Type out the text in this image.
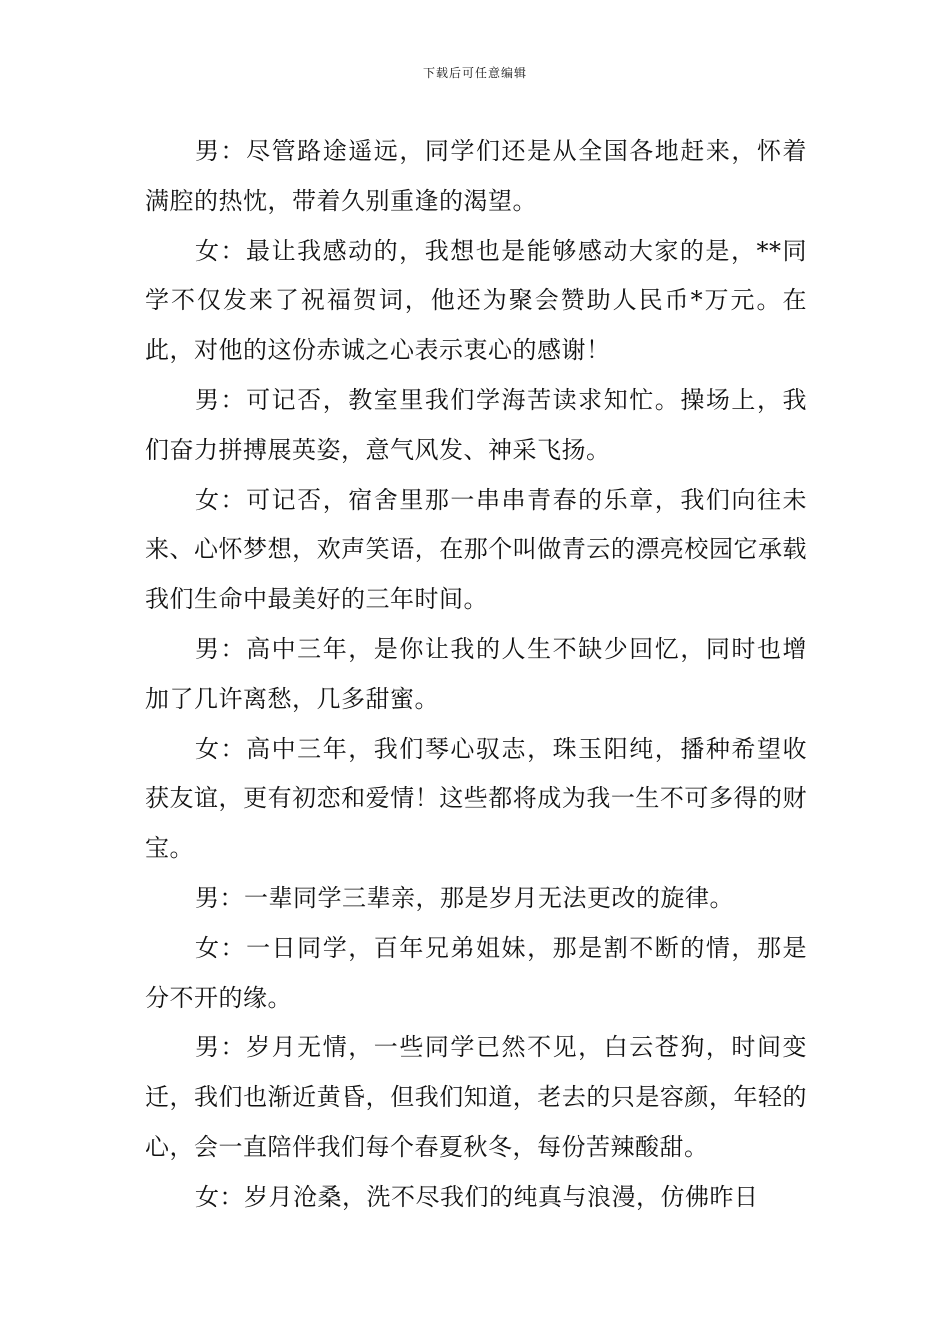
下载后可任意编辑

男：尽管路途遥远，同学们还是从全国各地赶来，怀着满腔的热忱，带着久别重逢的渴望。

女：最让我感动的，我想也是能够感动大家的是，**同学不仅发来了祝福贺词，他还为聚会赞助人民币*万元。在此，对他的这份赤诚之心表示衷心的感谢！

男：可记否，教室里我们学海苦读求知忙。操场上，我们奋力拼搏展英姿，意气风发、神采飞扬。

女：可记否，宿舍里那一串串青春的乐章，我们向往未来、心怀梦想，欢声笑语，在那个叫做青云的漂亮校园它承载我们生命中最美好的三年时间。

男：高中三年，是你让我的人生不缺少回忆，同时也增加了几许离愁，几多甜蜜。

女：高中三年，我们琴心驭志，珠玉阳纯，播种希望收获友谊，更有初恋和爱情！这些都将成为我一生不可多得的财宝。

男：一辈同学三辈亲，那是岁月无法更改的旋律。

女：一日同学，百年兄弟姐妹，那是割不断的情，那是分不开的缘。

男：岁月无情，一些同学已然不见，白云苍狗，时间变迁，我们也渐近黄昏，但我们知道，老去的只是容颜，年轻的心，会一直陪伴我们每个春夏秋冬，每份苦辣酸甜。

女：岁月沧桑，洗不尽我们的纯真与浪漫，仿佛昨日
